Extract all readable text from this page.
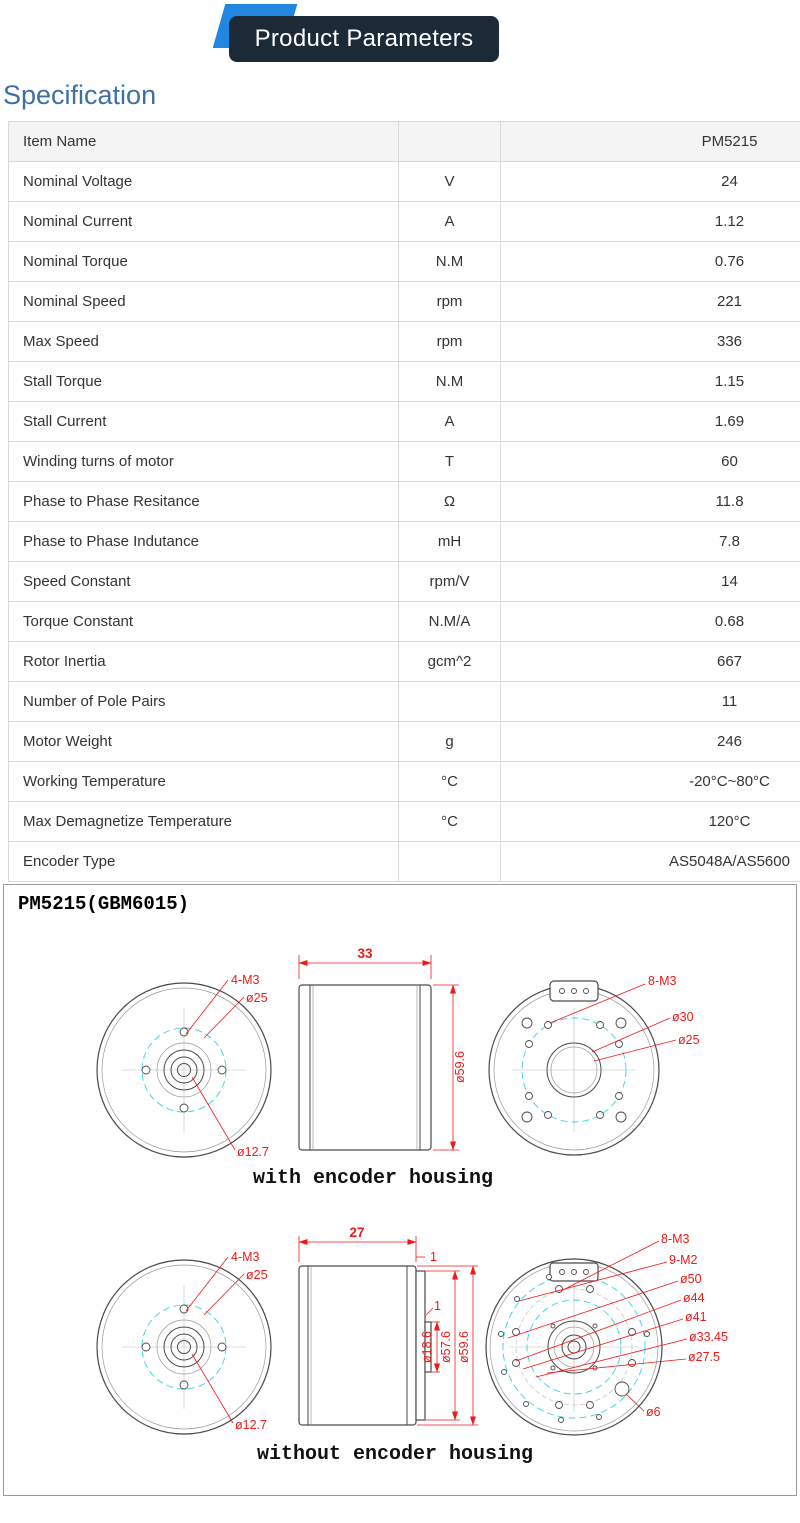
Product Parameters
Specification
Item Name		PM5215
Nominal Voltage	V	24
Nominal Current	A	1.12
Nominal Torque	N.M	0.76
Nominal Speed	rpm	221
Max Speed	rpm	336
Stall Torque	N.M	1.15
Stall Current	A	1.69
Winding turns of motor	T	60
Phase to Phase Resitance	Ω	11.8
Phase to Phase Indutance	mH	7.8
Speed Constant	rpm/V	14
Torque Constant	N.M/A	0.68
Rotor Inertia	gcm^2	667
Number of Pole Pairs		11
Motor Weight	g	246
Working Temperature	°C	-20°C~80°C
Max Demagnetize Temperature	°C	120°C
Encoder Type		AS5048A/AS5600
PM5215(GBM6015)
4-M3
ø25
ø12.7
33
ø59.6
8-M3
ø30
ø25
with encoder housing
4-M3
ø25
ø12.7
27
1
1
ø18.6 ø57.6 ø59.6
8-M3
9-M2
ø50
ø44
ø41
ø33.45
ø27.5
ø6
without encoder housing
